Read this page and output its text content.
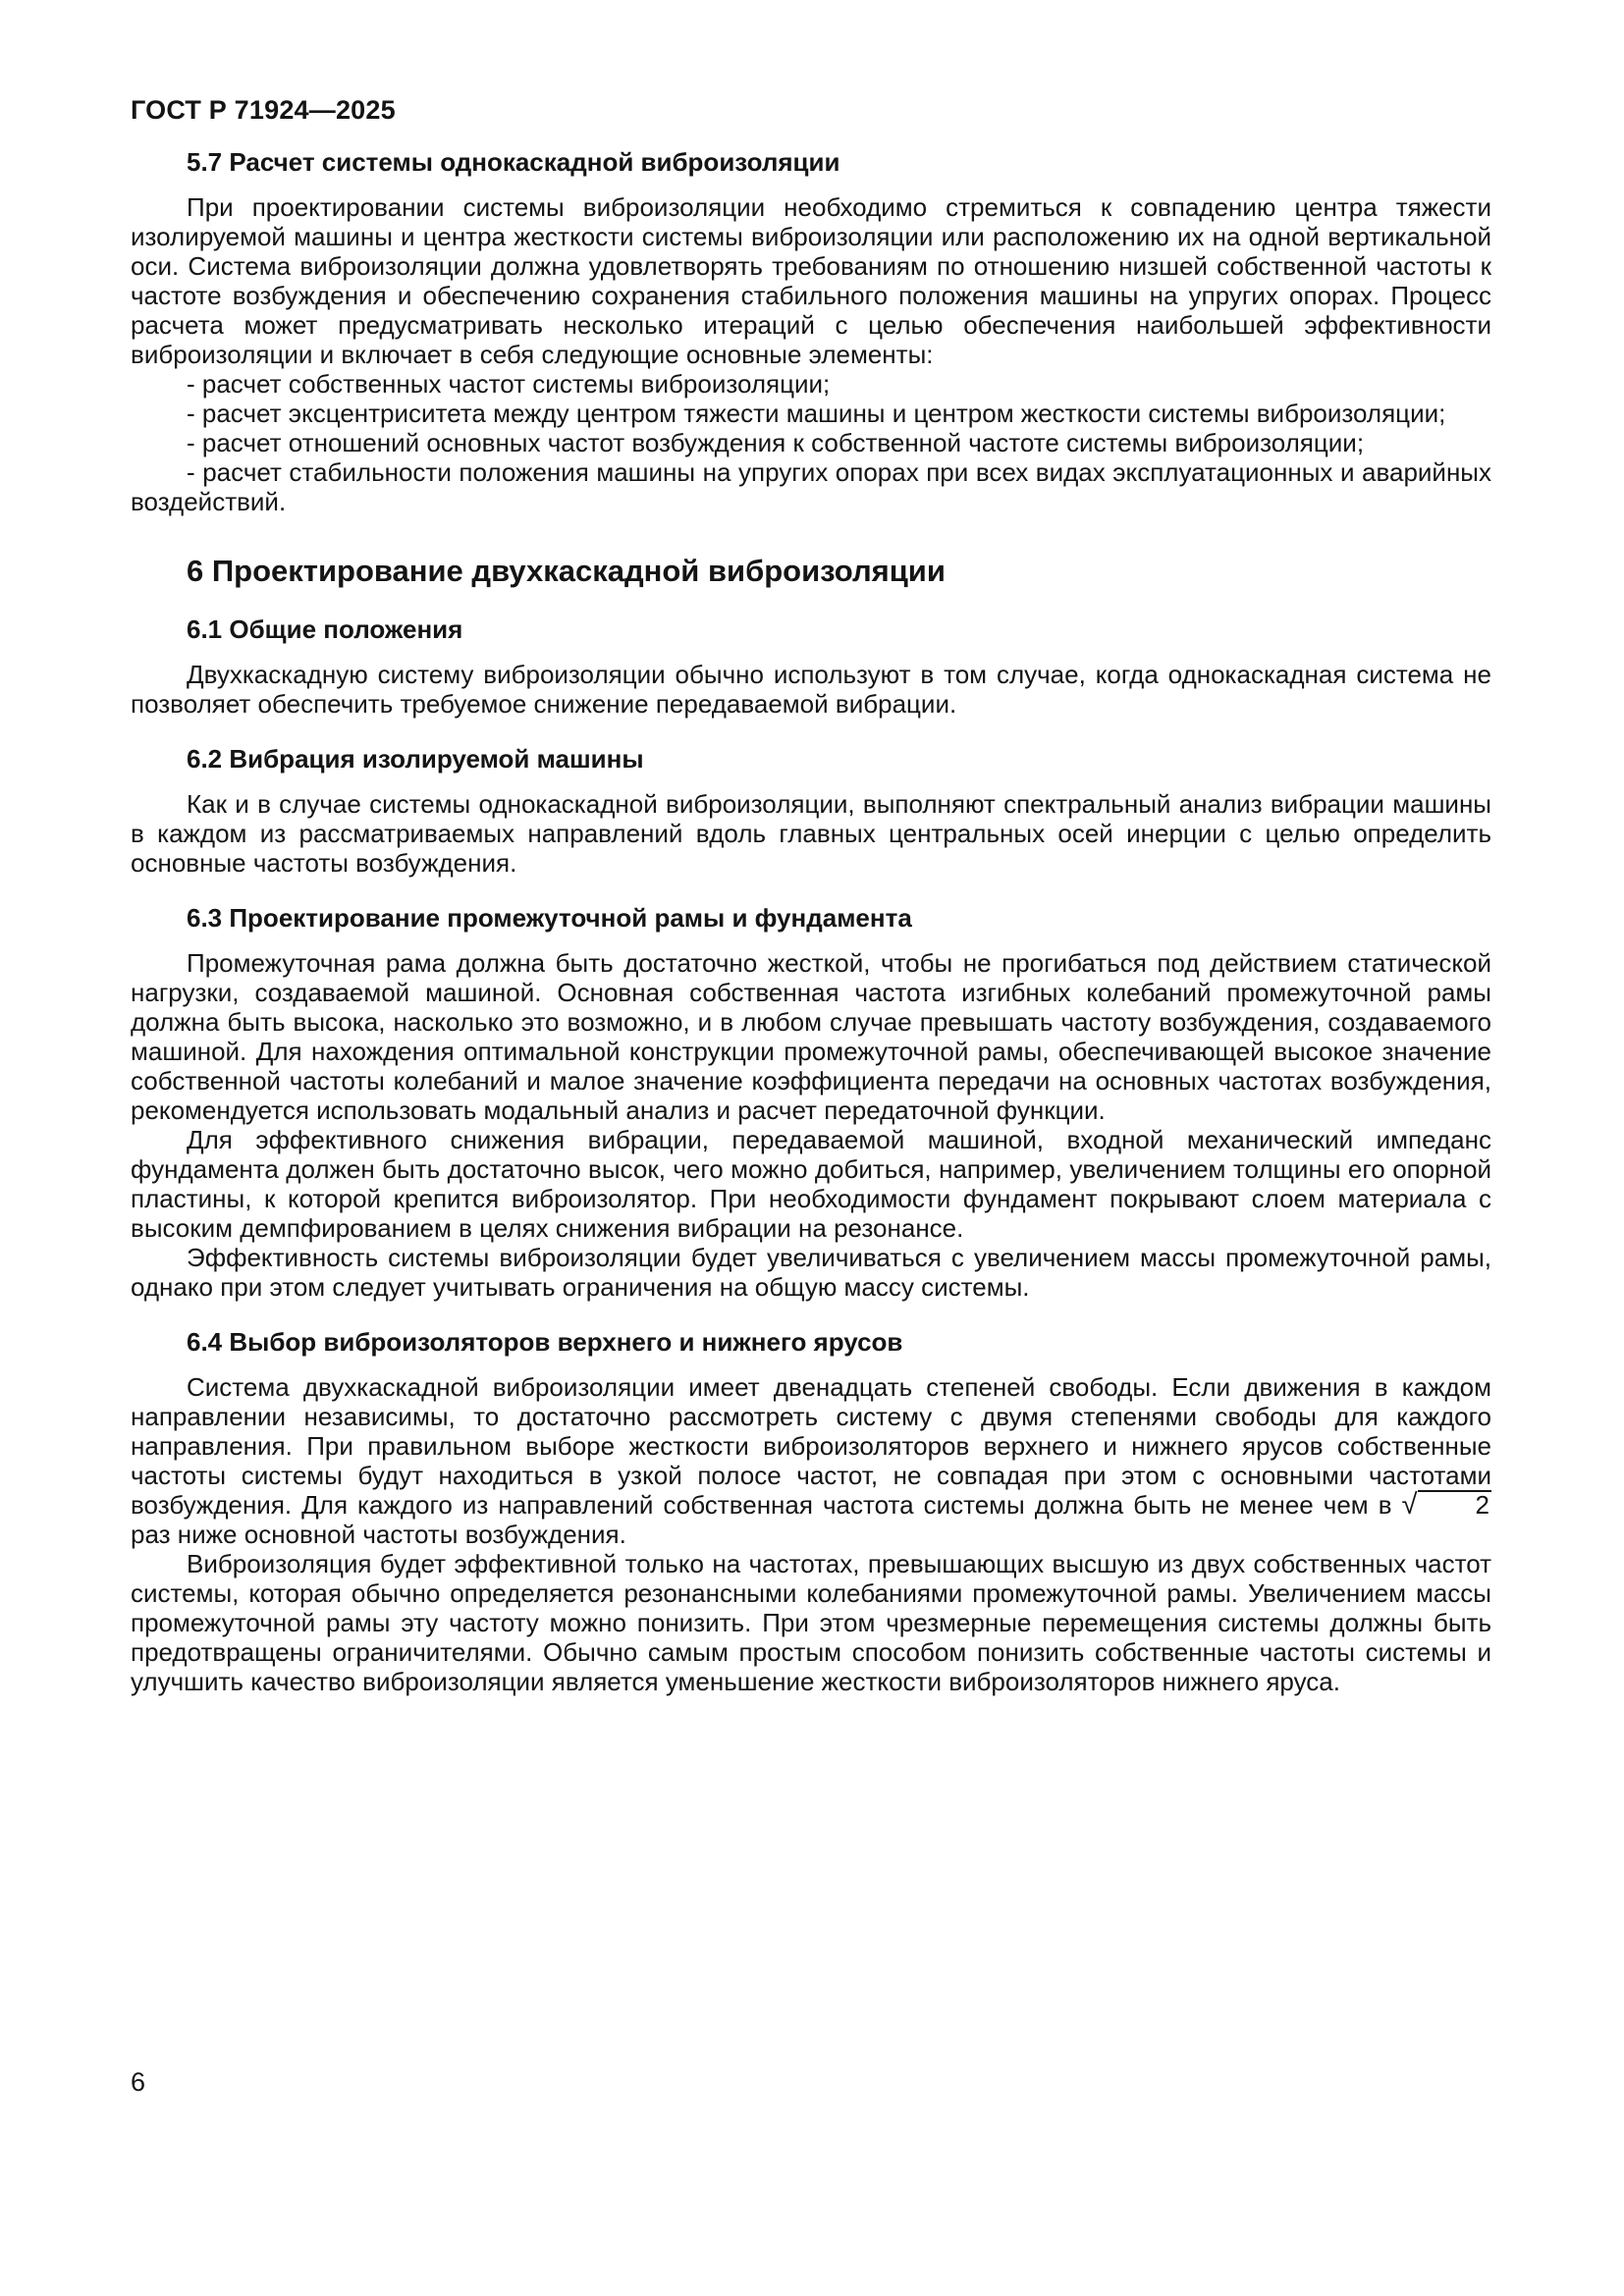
ГОСТ Р 71924—2025
5.7 Расчет системы однокаскадной виброизоляции

При проектировании системы виброизоляции необходимо стремиться к совпадению центра тяжести изолируемой машины и центра жесткости системы виброизоляции или расположению их на одной вертикальной оси. Система виброизоляции должна удовлетворять требованиям по отношению низшей собственной частоты к частоте возбуждения и обеспечению сохранения стабильного положения машины на упругих опорах. Процесс расчета может предусматривать несколько итераций с целью обеспечения наибольшей эффективности виброизоляции и включает в себя следующие основные элементы:

- расчет собственных частот системы виброизоляции;

- расчет эксцентриситета между центром тяжести машины и центром жесткости системы виброизоляции;

- расчет отношений основных частот возбуждения к собственной частоте системы виброизоляции;

- расчет стабильности положения машины на упругих опорах при всех видах эксплуатационных и аварийных воздействий.

6 Проектирование двухкаскадной виброизоляции
6.1 Общие положения

Двухкаскадную систему виброизоляции обычно используют в том случае, когда однокаскадная система не позволяет обеспечить требуемое снижение передаваемой вибрации.

6.2 Вибрация изолируемой машины

Как и в случае системы однокаскадной виброизоляции, выполняют спектральный анализ вибрации машины в каждом из рассматриваемых направлений вдоль главных центральных осей инерции с целью определить основные частоты возбуждения.

6.3 Проектирование промежуточной рамы и фундамента

Промежуточная рама должна быть достаточно жесткой, чтобы не прогибаться под действием статической нагрузки, создаваемой машиной. Основная собственная частота изгибных колебаний промежуточной рамы должна быть высока, насколько это возможно, и в любом случае превышать частоту возбуждения, создаваемого машиной. Для нахождения оптимальной конструкции промежуточной рамы, обеспечивающей высокое значение собственной частоты колебаний и малое значение коэффициента передачи на основных частотах возбуждения, рекомендуется использовать модальный анализ и расчет передаточной функции.

Для эффективного снижения вибрации, передаваемой машиной, входной механический импеданс фундамента должен быть достаточно высок, чего можно добиться, например, увеличением толщины его опорной пластины, к которой крепится виброизолятор. При необходимости фундамент покрывают слоем материала с высоким демпфированием в целях снижения вибрации на резонансе.

Эффективность системы виброизоляции будет увеличиваться с увеличением массы промежуточной рамы, однако при этом следует учитывать ограничения на общую массу системы.

6.4 Выбор виброизоляторов верхнего и нижнего ярусов

Система двухкаскадной виброизоляции имеет двенадцать степеней свободы. Если движения в каждом направлении независимы, то достаточно рассмотреть систему с двумя степенями свободы для каждого направления. При правильном выборе жесткости виброизоляторов верхнего и нижнего ярусов собственные частоты системы будут находиться в узкой полосе частот, не совпадая при этом с основными частотами возбуждения. Для каждого из направлений собственная частота системы должна быть не менее чем в √ 2 раз ниже основной частоты возбуждения.

Виброизоляция будет эффективной только на частотах, превышающих высшую из двух собственных частот системы, которая обычно определяется резонансными колебаниями промежуточной рамы. Увеличением массы промежуточной рамы эту частоту можно понизить. При этом чрезмерные перемещения системы должны быть предотвращены ограничителями. Обычно самым простым способом понизить собственные частоты системы и улучшить качество виброизоляции является уменьшение жесткости виброизоляторов нижнего яруса.

6
